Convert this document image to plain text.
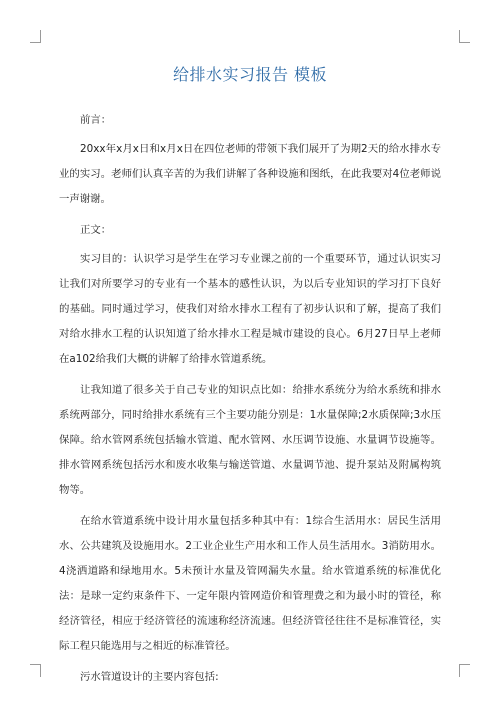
给排水实习报告 模板

前言：

20xx年x月x日和x月x日在四位老师的带领下我们展开了为期2天的给水排水专业的实习。老师们认真辛苦的为我们讲解了各种设施和图纸，在此我要对4位老师说一声谢谢。

正文：

实习目的：认识学习是学生在学习专业课之前的一个重要环节，通过认识实习让我们对所要学习的专业有一个基本的感性认识，为以后专业知识的学习打下良好的基础。同时通过学习，使我们对给水排水工程有了初步认识和了解，提高了我们对给水排水工程的认识知道了给水排水工程是城市建设的良心。6月27日早上老师在a102给我们大概的讲解了给排水管道系统。

让我知道了很多关于自己专业的知识点比如：给排水系统分为给水系统和排水系统两部分，同时给排水系统有三个主要功能分别是：1水量保障;2水质保障;3水压保障。给水管网系统包括输水管道、配水管网、水压调节设施、水量调节设施等。排水管网系统包括污水和废水收集与输送管道、水量调节池、提升泵站及附属构筑物等。

在给水管道系统中设计用水量包括多种其中有：1综合生活用水：居民生活用水、公共建筑及设施用水。2工业企业生产用水和工作人员生活用水。3消防用水。4浇洒道路和绿地用水。5未预计水量及管网漏失水量。给水管道系统的标准优化法：是球一定约束条件下、一定年限内管网造价和管理费之和为最小时的管径，称经济管径，相应于经济管径的流速称经济流速。但经济管径往往不是标准管径，实际工程只能选用与之相近的标准管径。

污水管道设计的主要内容包括:
